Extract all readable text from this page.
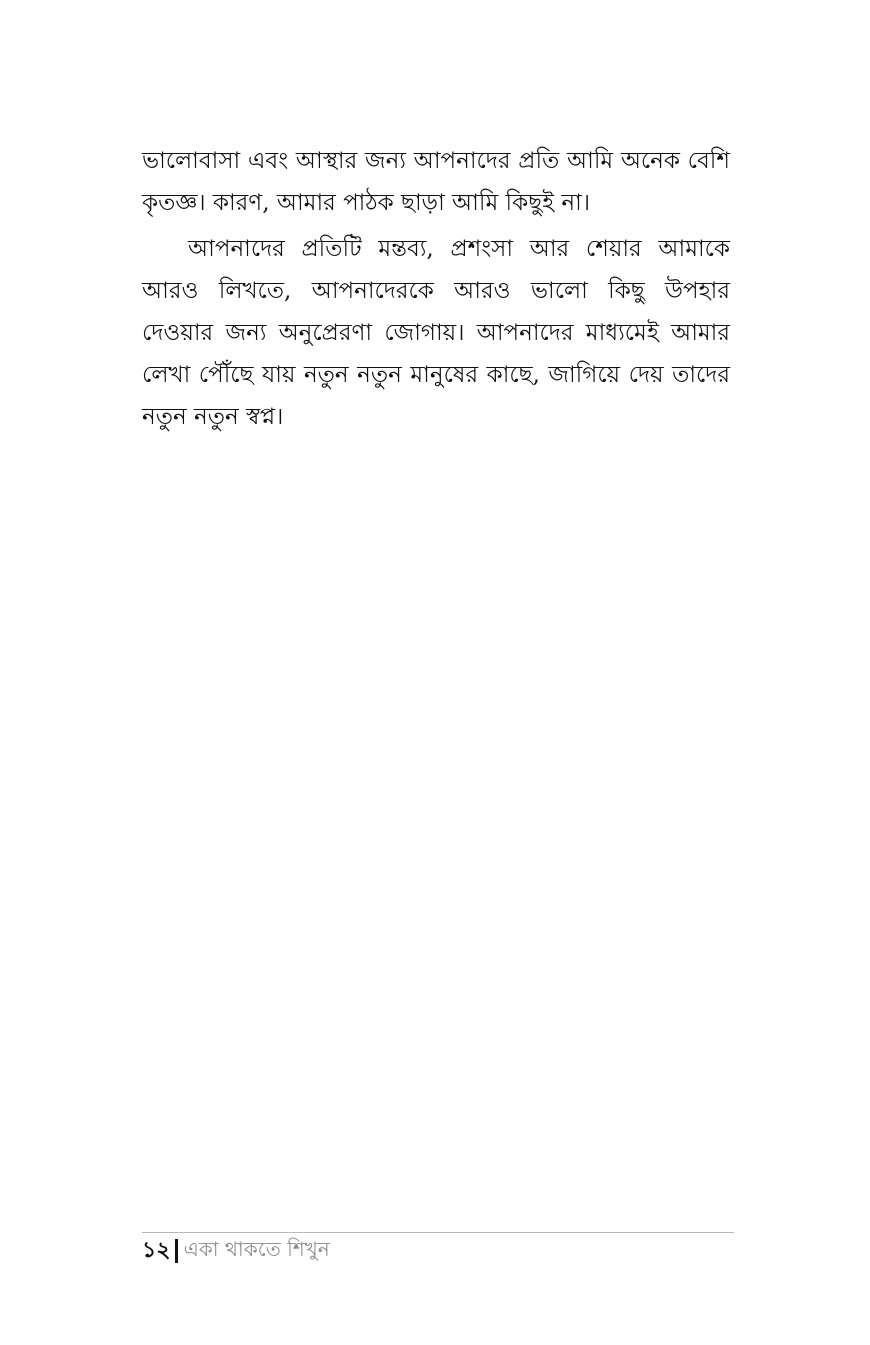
ভালোবাসা এবং আস্থার জন্য আপনাদের প্রতি আমি অনেক বেশি কৃতজ্ঞ। কারণ, আমার পাঠক ছাড়া আমি কিছুই না।

আপনাদের প্রতিটি মন্তব্য, প্রশংসা আর শেয়ার আমাকে আরও লিখতে, আপনাদেরকে আরও ভালো কিছু উপহার দেওয়ার জন্য অনুপ্রেরণা জোগায়। আপনাদের মাধ্যমেই আমার লেখা পৌঁছে যায় নতুন নতুন মানুষের কাছে, জাগিয়ে দেয় তাদের নতুন নতুন স্বপ্ন।

১২ একা থাকতে শিখুন
